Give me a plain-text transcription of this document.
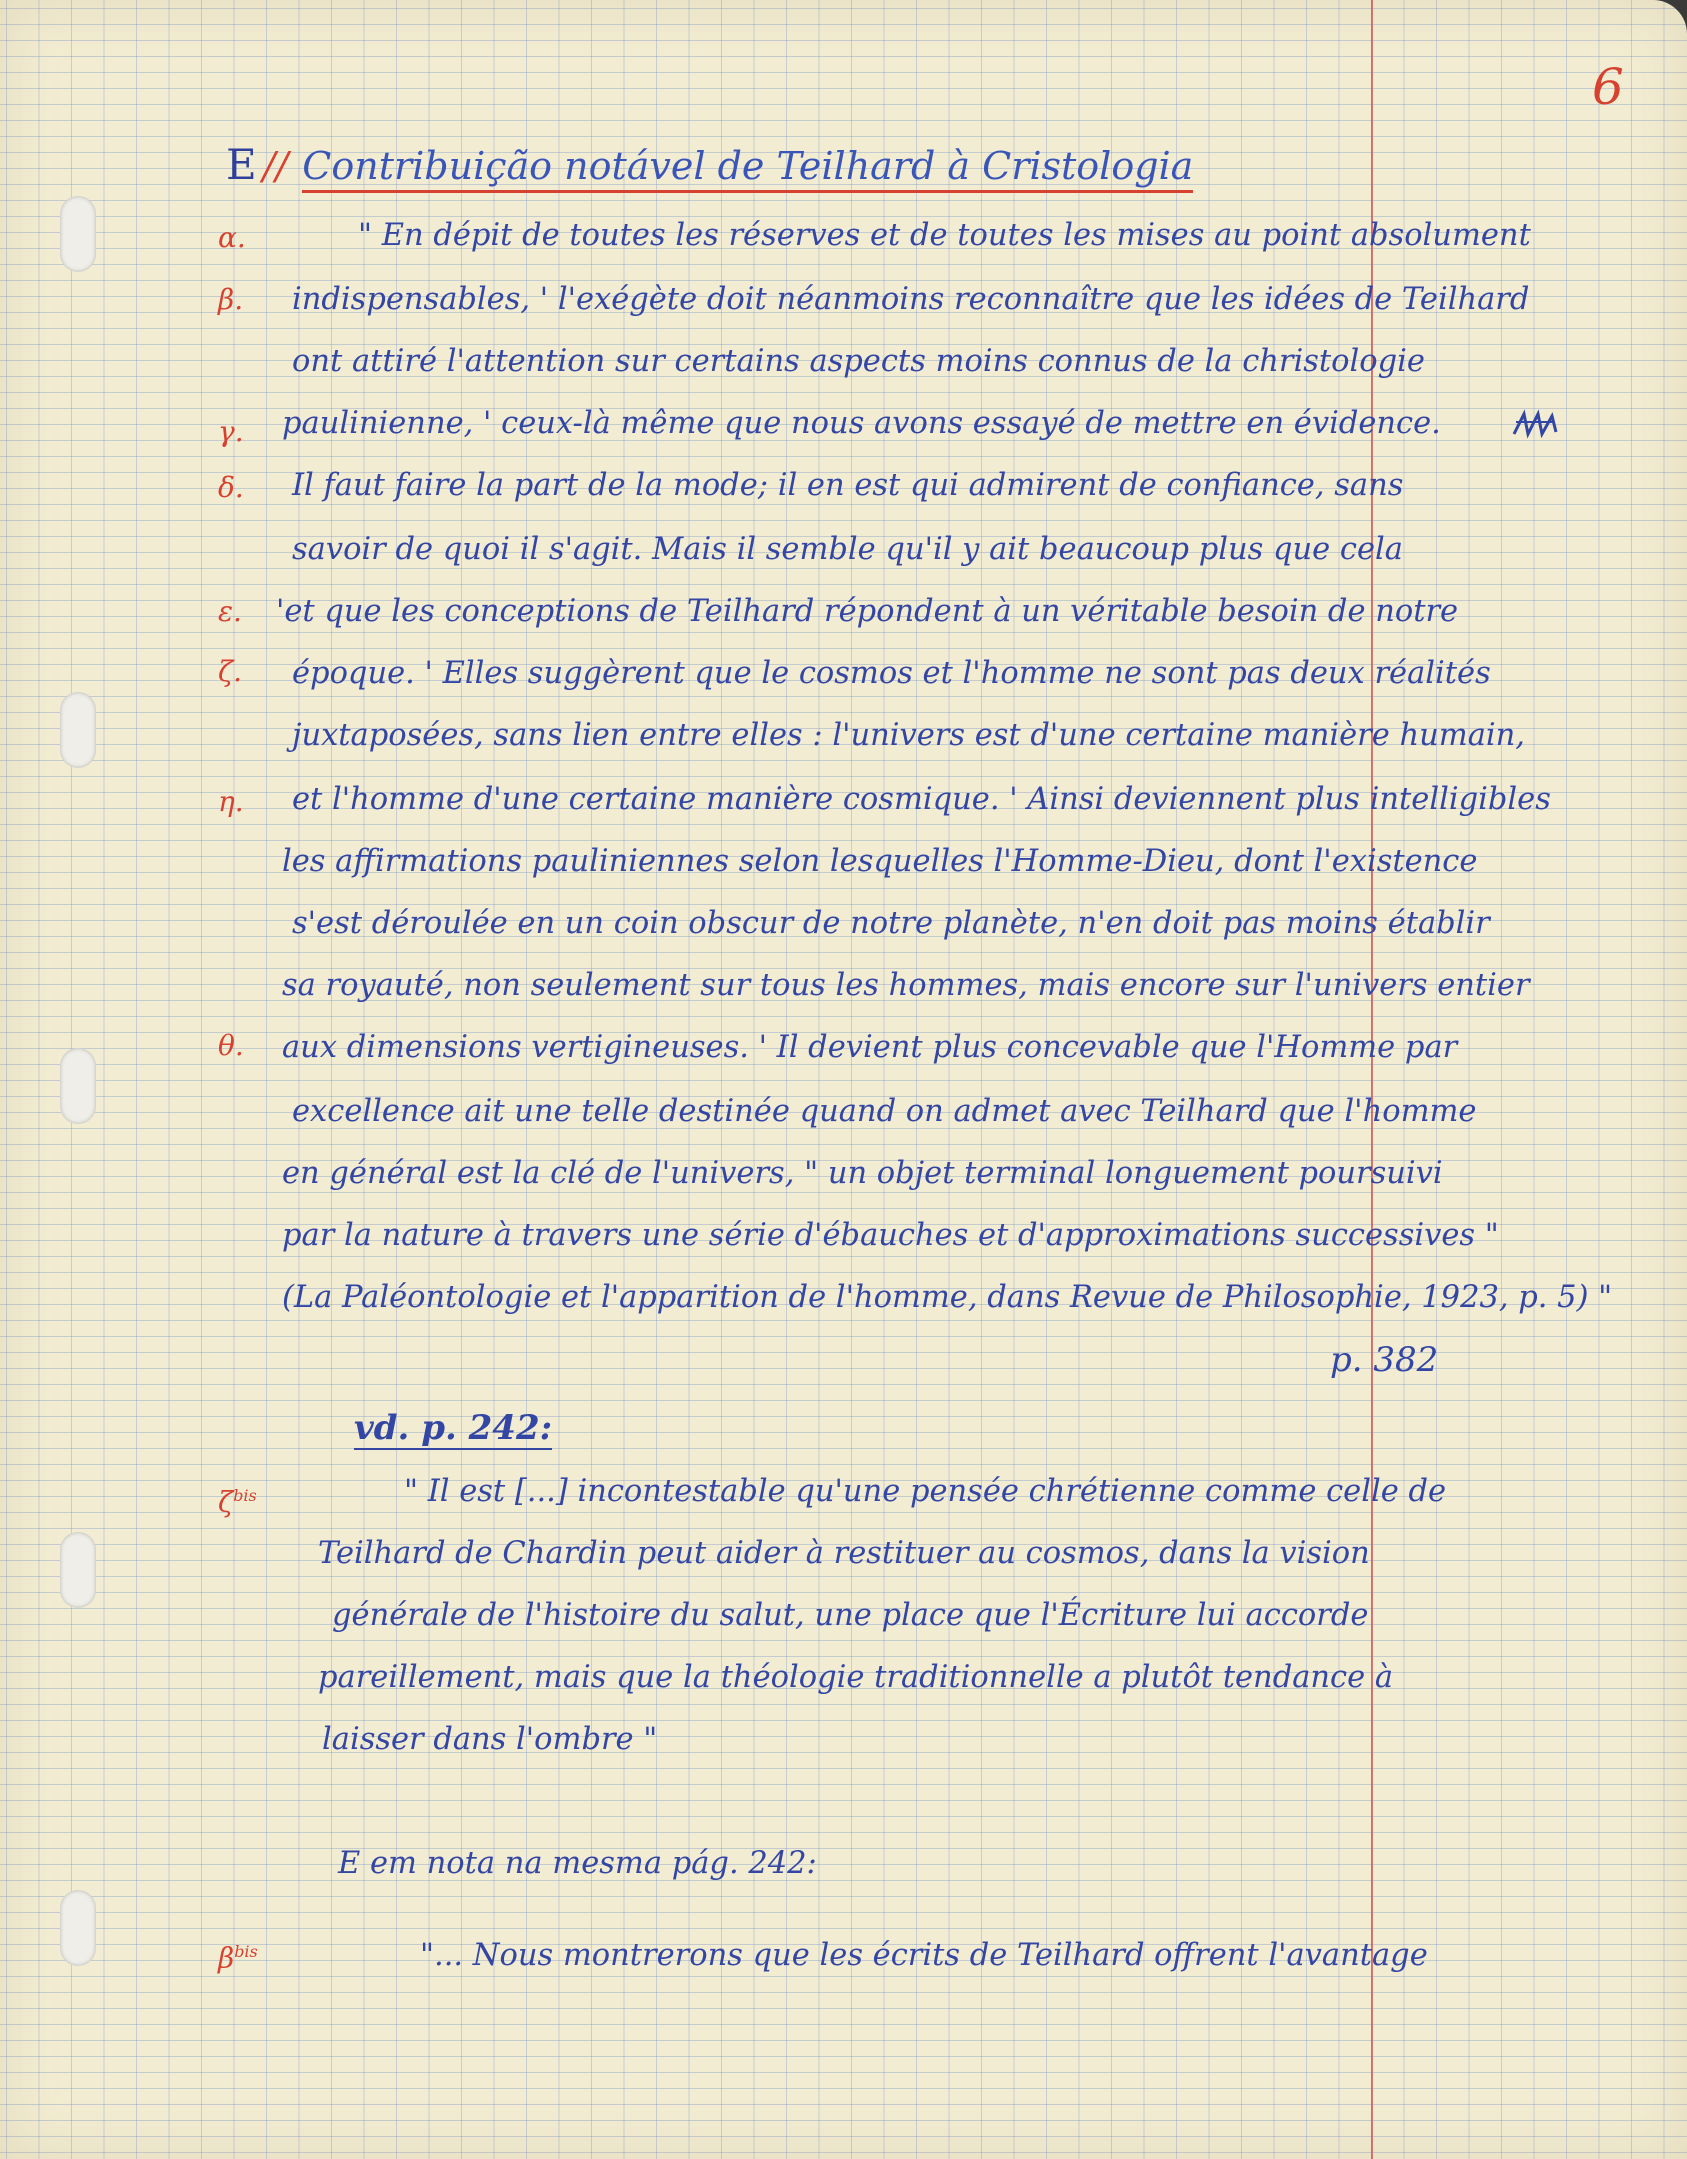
6
E // Contribuição notável de Teilhard à Cristologia
α.
β.
γ.
δ.
ε.
ζ.
η.
θ.
$\zeta^{bis}$
$\beta^{bis}$
" En dépit de toutes les réserves et de toutes les mises au point absolument
indispensables, ' l'exégète doit néanmoins reconnaître que les idées de Teilhard
ont attiré l'attention sur certains aspects moins connus de la christologie
paulinienne, ' ceux-là même que nous avons essayé de mettre en évidence.
Il faut faire la part de la mode; il en est qui admirent de confiance, sans
savoir de quoi il s'agit. Mais il semble qu'il y ait beaucoup plus que cela
'et que les conceptions de Teilhard répondent à un véritable besoin de notre
époque. ' Elles suggèrent que le cosmos et l'homme ne sont pas deux réalités
juxtaposées, sans lien entre elles : l'univers est d'une certaine manière humain,
et l'homme d'une certaine manière cosmique. ' Ainsi deviennent plus intelligibles
les affirmations pauliniennes selon lesquelles l'Homme-Dieu, dont l'existence
s'est déroulée en un coin obscur de notre planète, n'en doit pas moins établir
sa royauté, non seulement sur tous les hommes, mais encore sur l'univers entier
aux dimensions vertigineuses. ' Il devient plus concevable que l'Homme par
excellence ait une telle destinée quand on admet avec Teilhard que l'homme
en général est la clé de l'univers, " un objet terminal longuement poursuivi
par la nature à travers une série d'ébauches et d'approximations successives "
(La Paléontologie et l'apparition de l'homme, dans Revue de Philosophie, 1923, p. 5) "
p. 382
vd. p. 242:
" Il est [...] incontestable qu'une pensée chrétienne comme celle de
Teilhard de Chardin peut aider à restituer au cosmos, dans la vision
générale de l'histoire du salut, une place que l'Écriture lui accorde
pareillement, mais que la théologie traditionnelle a plutôt tendance à
laisser dans l'ombre "
E em nota na mesma pág. 242:
"... Nous montrerons que les écrits de Teilhard offrent l'avantage
